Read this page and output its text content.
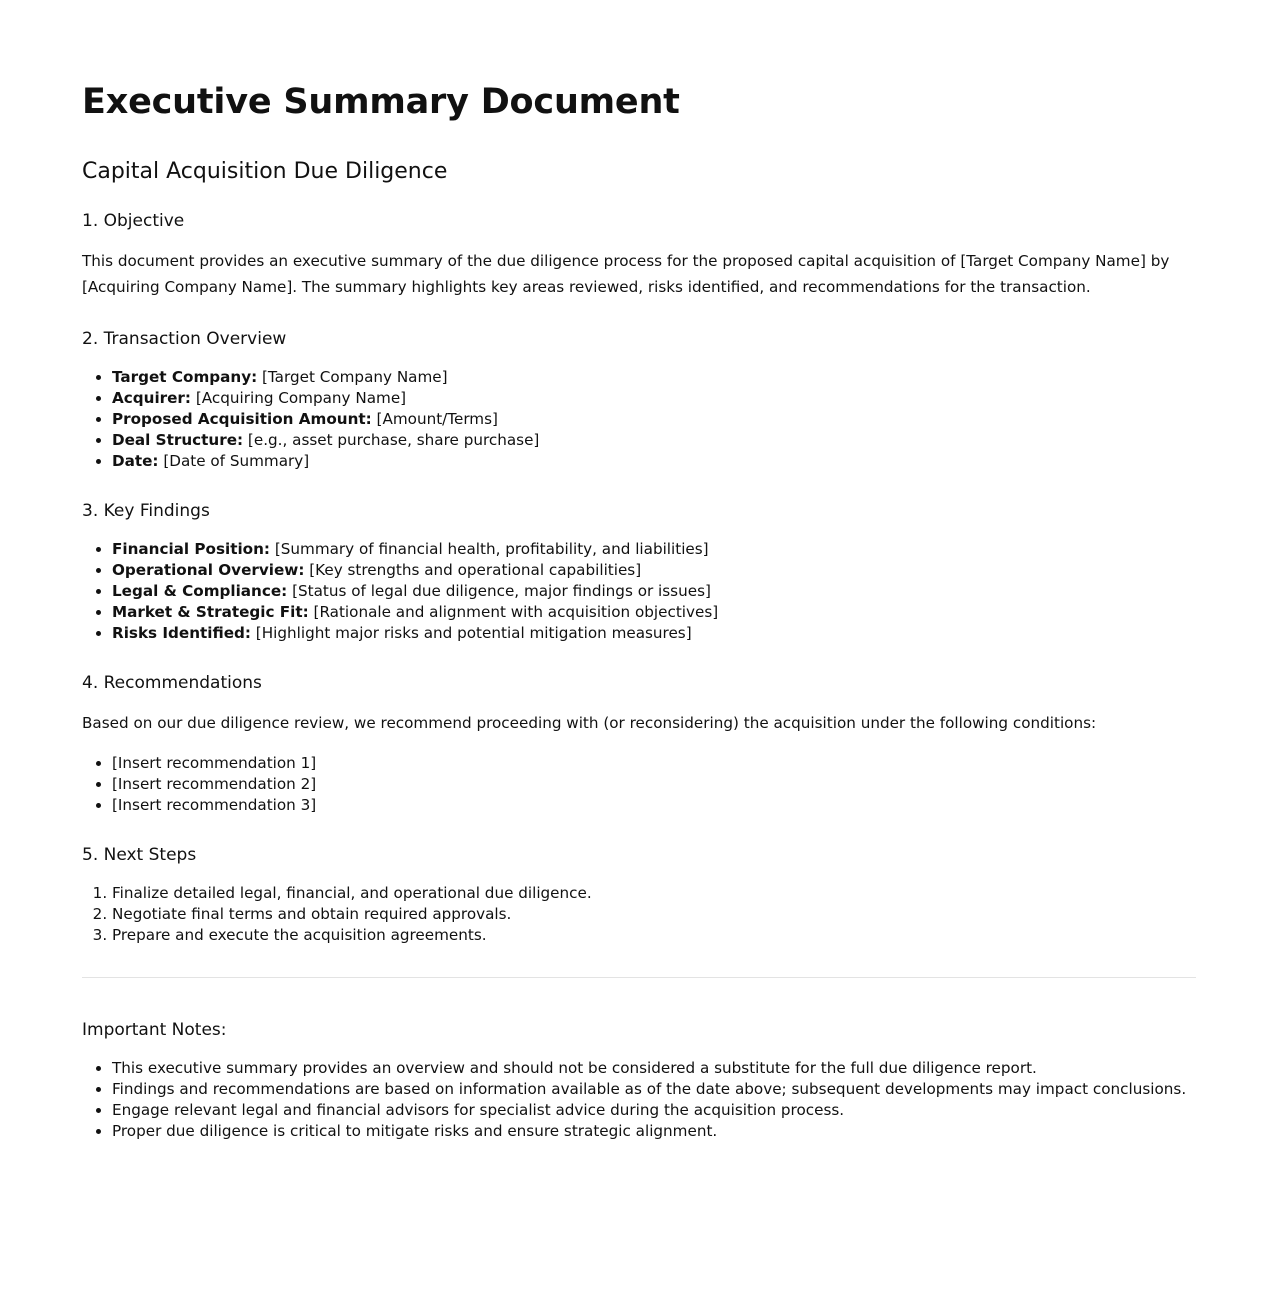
Executive Summary Document
Capital Acquisition Due Diligence
1. Objective

This document provides an executive summary of the due diligence process for the proposed capital acquisition of [Target Company Name] by [Acquiring Company Name]. The summary highlights key areas reviewed, risks identified, and recommendations for the transaction.

2. Transaction Overview
• Target Company: [Target Company Name]
• Acquirer: [Acquiring Company Name]
• Proposed Acquisition Amount: [Amount/Terms]
• Deal Structure: [e.g., asset purchase, share purchase]
• Date: [Date of Summary]
3. Key Findings
• Financial Position: [Summary of financial health, profitability, and liabilities]
• Operational Overview: [Key strengths and operational capabilities]
• Legal & Compliance: [Status of legal due diligence, major findings or issues]
• Market & Strategic Fit: [Rationale and alignment with acquisition objectives]
• Risks Identified: [Highlight major risks and potential mitigation measures]
4. Recommendations

Based on our due diligence review, we recommend proceeding with (or reconsidering) the acquisition under the following conditions:

• [Insert recommendation 1]
• [Insert recommendation 2]
• [Insert recommendation 3]
5. Next Steps
1. Finalize detailed legal, financial, and operational due diligence.
2. Negotiate final terms and obtain required approvals.
3. Prepare and execute the acquisition agreements.
Important Notes:
• This executive summary provides an overview and should not be considered a substitute for the full due diligence report.
• Findings and recommendations are based on information available as of the date above; subsequent developments may impact conclusions.
• Engage relevant legal and financial advisors for specialist advice during the acquisition process.
• Proper due diligence is critical to mitigate risks and ensure strategic alignment.
